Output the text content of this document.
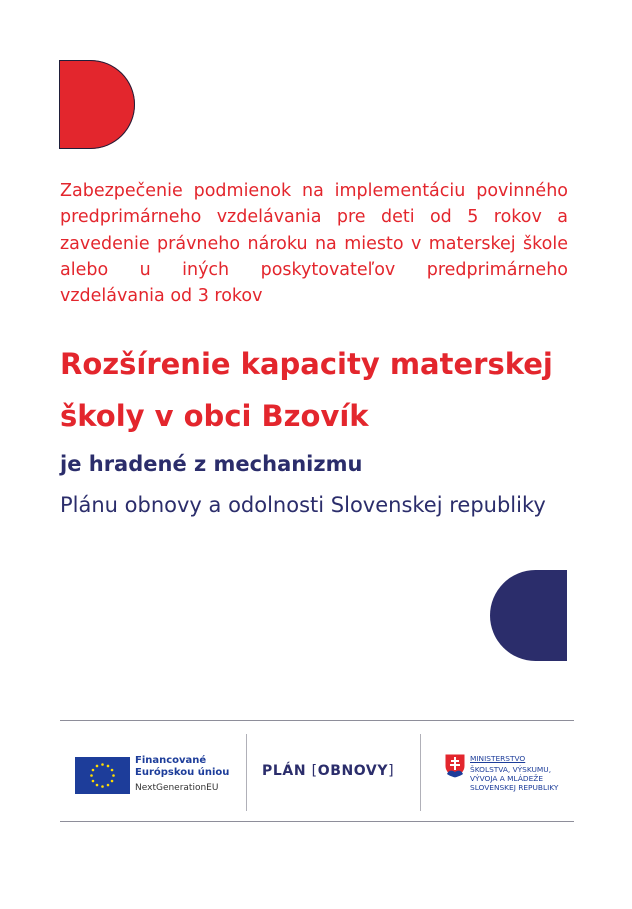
Zabezpečenie podmienok na implementáciu povinného predprimárneho vzdelávania pre deti od 5 rokov a zavedenie právneho nároku na miesto v materskej škole alebo u iných poskytovateľov predprimárneho vzdelávania od 3 rokov

Rozšírenie kapacity materskej školy v obci Bzovík

je hradené z mechanizmu

Plánu obnovy a odolnosti Slovenskej republiky

Financované
Európskou úniou
NextGenerationEU
PLÁN [OBNOVY]
MINISTERSTVO
ŠKOLSTVA, VÝSKUMU,
VÝVOJA A MLÁDEŽE
SLOVENSKEJ REPUBLIKY
